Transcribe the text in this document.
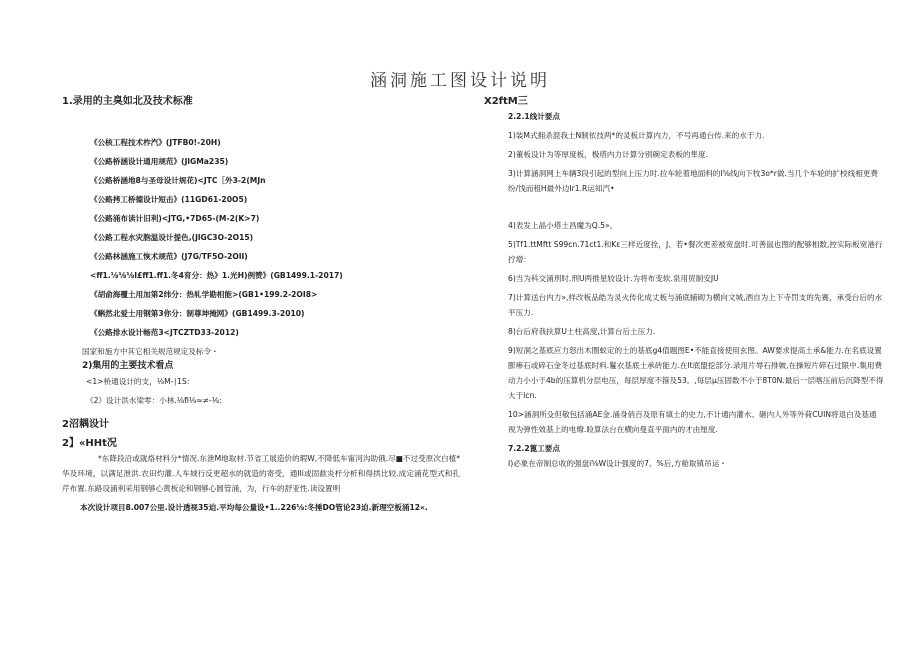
涵洞施工图设计说明
1.录用的主臭如北及技术标准
《公核工程技术柞汽》(JTFB0!-20H)
《公路桥涵设计通用规范》(JlGMa235)
《公路桥涵地8与圣母设计规花)<JTC［外3-2(MJn
《公路拷工桥德设计短击》(11GD61-20O5)
《公路涌布读计旧利)<JTG,•7D65-(M-2(K>7)
《公路工程水灾胞温设计提色,(JlGC3O-2O15)
《公路林涵施工恢术规范》(J7G/TF5O-2OlI)
<ff1.⅛⅛⅛I£ff1.ff1.冬4育分：热》1.光H)例赞》(GB1499.1-2017)
《胡俞海覆土用加第2纬分：热轧学勘相能>(GB1•199.2-2OI8>
《蝌然北爱士用钢第3你分：制尊坤掩网》(GB1499.3-2010)
《公路排水设计畅范3<JTCZTD33-2012)
国家和施方中其它相关规范规定及标令・
2)集用的主要技术看点
<1>桥通设计的支，⅛M-∣1S:
《2》设计洪水梁零：小林.⅛fi⅛≈≠-⅛:
2沼耦设计
2】«HHt况
*东降段沿或就烙材料分*情况.东泄M地取材.节省工展造价的瑕W,不降低车甯河沟助俄.尽■不过受原次白植*华及环境，以满足泄洪.农田灼灌.人车城行反更超水的就造的寄受，通Ili或固歃炎杆分析和得拱比较.成定涌花型式和孔芹布置.东路设涌利采用钢够心黄板论和钢够心圆管涌，为，行车的舒亚性.读设置明
本次设计项目8.007公里.设计透视35迫.平均每公量设•1..226⅛:冬捶DO管论23迫.新理空板涌12«.
X2ftM三
2.2.1线计要点
1)装M式拥杀混我土N制依技两*的灵板计算内力，不号再通台传.来的水干力.
2)董板设计为等厚度板，极塔内力计算分别碗定表板的隼度.
3)计算涵洞网上车辆3段引起的型向上压力时.拉车轮着地面料的I⅝线向下牧3o*r做.当几个车轮的扩校线相更费纷/饯而租H最外边Ir1.R运知汽•
4)表发上晶小塔土昌魔为Q.5»。
5)Tf1.ttMftt S99cn.71ct1.和Kε三样近度拴，J、若•餐次更差被宽盘时.可善鼠也图的配够相数,控实际板宽港行拧增：
6)当为科交涌刑时.刑U两推星较设计.为将布变软.泉用贸制安JU
7)计算送台内力»,样改板品皓为灵火传化成丈板与涌底辅砌为横向文城,酒自为上下寺罚支的先赛，承受台后的水平压力.
8)台后府我扶算U土柱高度,计算台后土压力.
9)短洞之基底应力怒出木圈蚁定的土的基底g4值題图E•不能直接使用玄图。AW要求提高土承&能力.在名底设置膨瘆石或碎石金冬过基底时料.鬘衣基底土承砖能力.在lt底盟挖部分.录用片辱石排皴,在操短片碎石过限中.集用费动力小小于4b的压算机分层电压，每层厚度不箍及53。,每层μ压固数不小于8T0N.最后一层喀压前后沉降型不得大于lcn.
10>涵洞所殳但敬包括涌AE金.涌身俏百及原有填土的史力,不计通内灌水、砸内人外等外荷CUIN将退白及基通视为弹性效基上的电燎.睑算法台在横向曼直平面内的才由厘度.
7.2.2篦工要点
I)必象在帝制总收的强盘i⅝W设计强度的7。%后,方舱取镇吊运・
